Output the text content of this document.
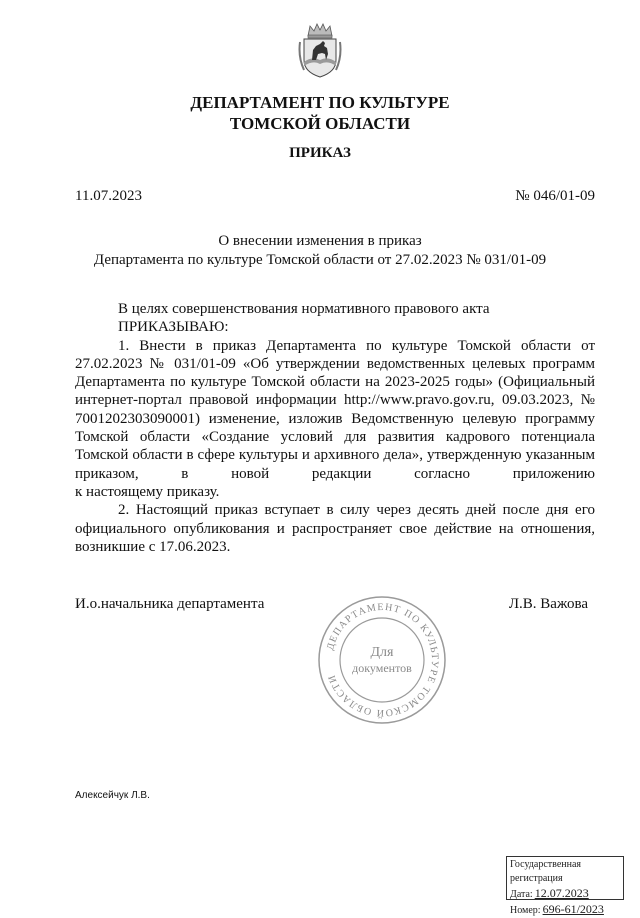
ДЕПАРТАМЕНТ ПО КУЛЬТУРЕ
ТОМСКОЙ ОБЛАСТИ
ПРИКАЗ
11.07.2023	№ 046/01-09
О внесении изменения в приказ
Департамента по культуре Томской области от 27.02.2023 № 031/01-09

В целях совершенствования нормативного правового акта

ПРИКАЗЫВАЮ:

1. Внести в приказ Департамента по культуре Томской области от 27.02.2023 № 031/01-09 «Об утверждении ведомственных целевых программ Департамента по культуре Томской области на 2023-2025 годы» (Официальный интернет-портал правовой информации http://www.pravo.gov.ru, 09.03.2023, № 7001202303090001) изменение, изложив Ведомственную целевую программу Томской области «Создание условий для развития кадрового потенциала Томской области в сфере культуры и архивного дела», утвержденную указанным приказом, в новой редакции согласно приложению

к настоящему приказу.

2. Настоящий приказ вступает в силу через десять дней после дня его официального опубликования и распространяет свое действие на отношения, возникшие с 17.06.2023.

И.о.начальника департамента	Л.В. Важова
ДЕПАРТАМЕНТ ПО КУЛЬТУРЕ ТОМСКОЙ ОБЛАСТИ
Для
документов
Алексейчук Л.В.
Государственная регистрация
Дата: 12.07.2023
Номер: 696-61/2023
